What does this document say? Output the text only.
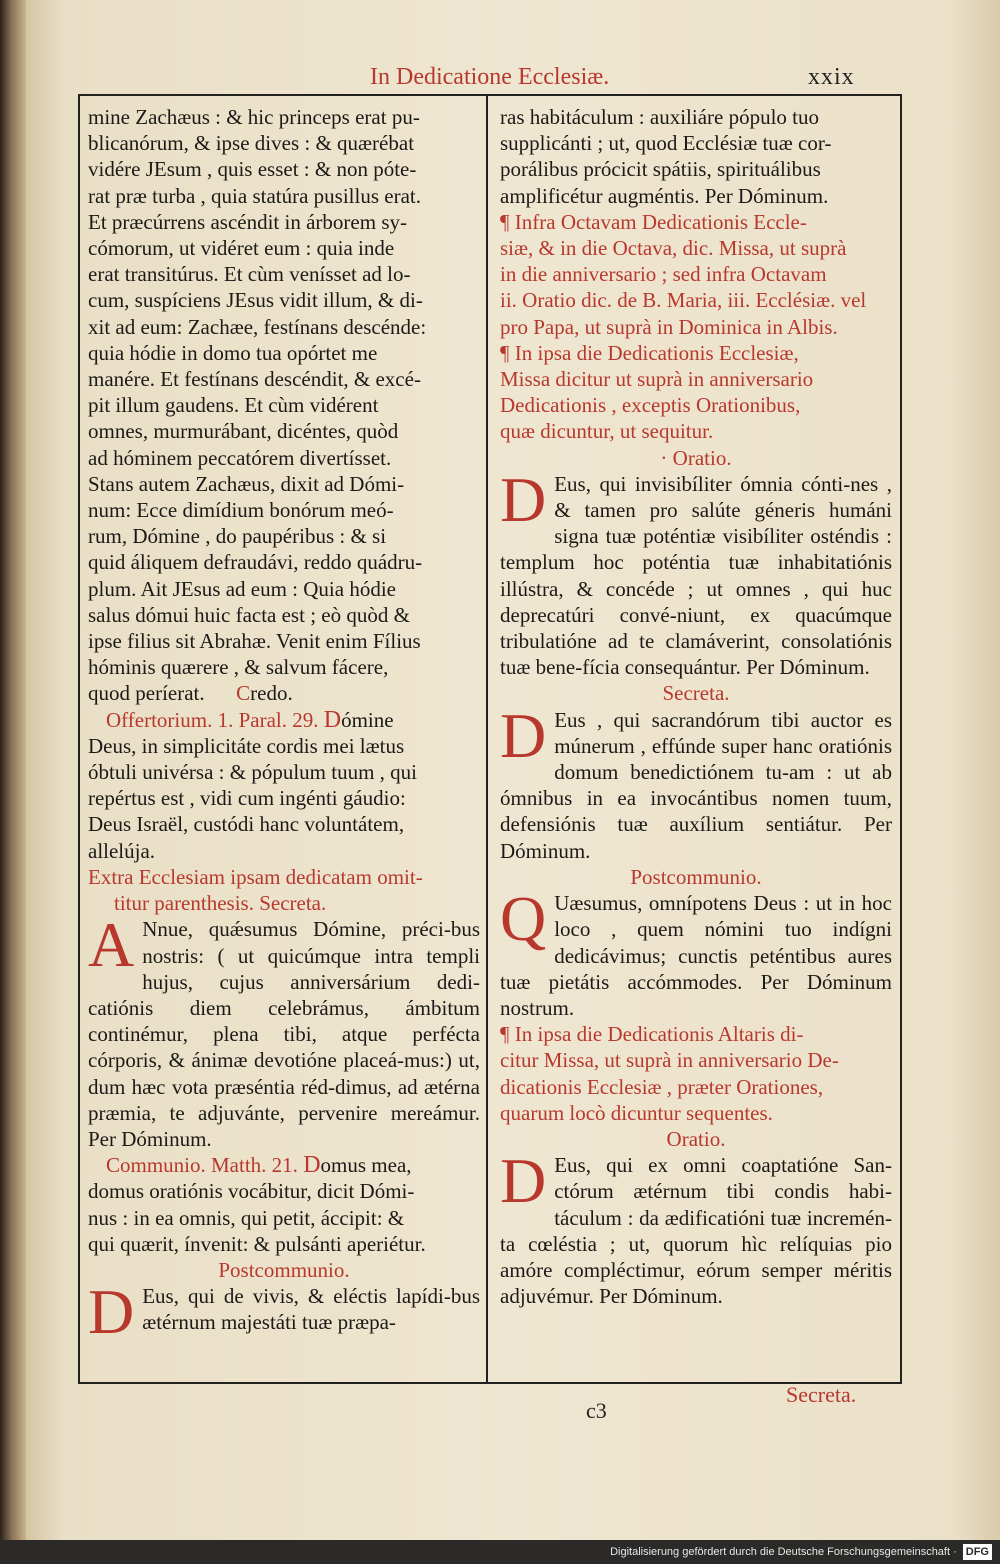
In Dedicatione Ecclesiæ.	xxix

mine Zachæus : & hic princeps erat pu-

blicanórum, & ipse dives : & quærébat

vidére JEsum , quis esset : & non póte-

rat præ turba , quia statúra pusillus erat.

Et præcúrrens ascéndit in árborem sy-

cómorum, ut vidéret eum : quia inde

erat transitúrus. Et cùm venísset ad lo-

cum, suspíciens JEsus vidit illum, & di-

xit ad eum: Zachæe, festínans descénde:

quia hódie in domo tua opórtet me

manére. Et festínans descéndit, & excé-

pit illum gaudens. Et cùm vidérent

omnes, murmurábant, dicéntes, quòd

ad hóminem peccatórem divertísset.

Stans autem Zachæus, dixit ad Dómi-

num: Ecce dimídium bonórum meó-

rum, Dómine , do paupéribus : & si

quid áliquem defraudávi, reddo quádru-

plum. Ait JEsus ad eum : Quia hódie

salus dómui huic facta est ; eò quòd &

ipse filius sit Abrahæ. Venit enim Fílius

hóminis quærere , & salvum fácere,

quod períerat. Credo.

Offertorium. 1. Paral. 29. Dómine

Deus, in simplicitáte cordis mei lætus

óbtuli univérsa : & pópulum tuum , qui

repértus est , vidi cum ingénti gáudio:

Deus Israël, custódi hanc voluntátem,

allelúja.

Extra Ecclesiam ipsam dedicatam omit-

titur parenthesis. Secreta.

A Nnue, quǽsumus Dómine, préci-bus nostris: ( ut quicúmque intra templi hujus, cujus anniversárium dedi-catiónis diem celebrámus, ámbitum continémur, plena tibi, atque perfécta córporis, & ánimæ devotióne placeá-mus:) ut, dum hæc vota præséntia réd-dimus, ad ætérna præmia, te adjuvánte, pervenire mereámur. Per Dóminum.

Communio. Matth. 21. Domus mea,

domus oratiónis vocábitur, dicit Dómi-

nus : in ea omnis, qui petit, áccipit: &

qui quærit, ínvenit: & pulsánti aperiétur.

Postcommunio.

D Eus, qui de vivis, & eléctis lapídi-bus ætérnum majestáti tuæ præpa-

ras habitáculum : auxiliáre pópulo tuo

supplicánti ; ut, quod Ecclésiæ tuæ cor-

porálibus prócicit spátiis, spirituálibus

amplificétur augméntis. Per Dóminum.

¶ Infra Octavam Dedicationis Eccle-

siæ, & in die Octava, dic. Missa, ut suprà

in die anniversario ; sed infra Octavam

ii. Oratio dic. de B. Maria, iii. Ecclésiæ. vel

pro Papa, ut suprà in Dominica in Albis.

¶ In ipsa die Dedicationis Ecclesiæ,

Missa dicitur ut suprà in anniversario

Dedicationis , exceptis Orationibus,

quæ dicuntur, ut sequitur.

· Oratio.

D Eus, qui invisibíliter ómnia cónti-nes , & tamen pro salúte géneris humáni signa tuæ poténtiæ visibíliter osténdis : templum hoc poténtia tuæ inhabitatiónis illústra, & concéde ; ut omnes , qui huc deprecatúri convé-niunt, ex quacúmque tribulatióne ad te clamáverint, consolatiónis tuæ bene-fícia consequántur. Per Dóminum.

Secreta.

D Eus , qui sacrandórum tibi auctor es múnerum , effúnde super hanc oratiónis domum benedictiónem tu-am : ut ab ómnibus in ea invocántibus nomen tuum, defensiónis tuæ auxílium sentiátur. Per Dóminum.

Postcommunio.

Q Uæsumus, omnípotens Deus : ut in hoc loco , quem nómini tuo indígni dedicávimus; cunctis peténtibus aures tuæ pietátis accómmodes. Per Dóminum nostrum.

¶ In ipsa die Dedicationis Altaris di-

citur Missa, ut suprà in anniversario De-

dicationis Ecclesiæ , præter Orationes,

quarum locò dicuntur sequentes.

Oratio.

D Eus, qui ex omni coaptatióne San-ctórum ætérnum tibi condis habi-táculum : da ædificatióni tuæ incremén-ta cœléstia ; ut, quorum hìc relíquias pio amóre compléctimur, eórum semper méritis adjuvémur. Per Dóminum.

c3
Secreta.
Digitalisierung gefördert durch die Deutsche Forschungsgemeinschaft · DFG
